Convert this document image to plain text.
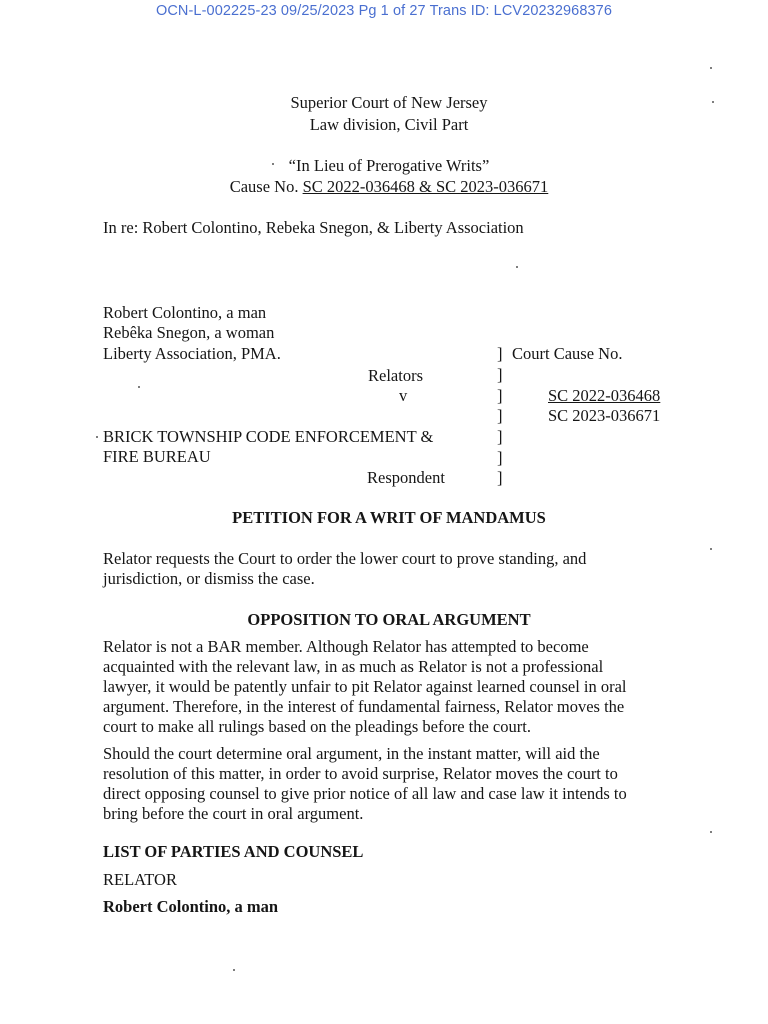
OCN-L-002225-23 09/25/2023 Pg 1 of 27 Trans ID: LCV20232968376
Superior Court of New Jersey
Law division, Civil Part
“In Lieu of Prerogative Writs”
Cause No. SC 2022-036468 & SC 2023-036671
In re: Robert Colontino, Rebeka Snegon, & Liberty Association
Robert Colontino, a man
Rebêka Snegon, a woman
Liberty Association, PMA.
Relators
v
BRICK TOWNSHIP CODE ENFORCEMENT &
FIRE BUREAU
Respondent
]
]
]
]
]
]
]
Court Cause No.
SC 2022-036468
SC 2023-036671
PETITION FOR A WRIT OF MANDAMUS

Relator requests the Court to order the lower court to prove standing, and jurisdiction, or dismiss the case.

OPPOSITION TO ORAL ARGUMENT

Relator is not a BAR member. Although Relator has attempted to become acquainted with the relevant law, in as much as Relator is not a professional lawyer, it would be patently unfair to pit Relator against learned counsel in oral argument. Therefore, in the interest of fundamental fairness, Relator moves the court to make all rulings based on the pleadings before the court.

Should the court determine oral argument, in the instant matter, will aid the resolution of this matter, in order to avoid surprise, Relator moves the court to direct opposing counsel to give prior notice of all law and case law it intends to bring before the court in oral argument.

LIST OF PARTIES AND COUNSEL
RELATOR
Robert Colontino, a man
